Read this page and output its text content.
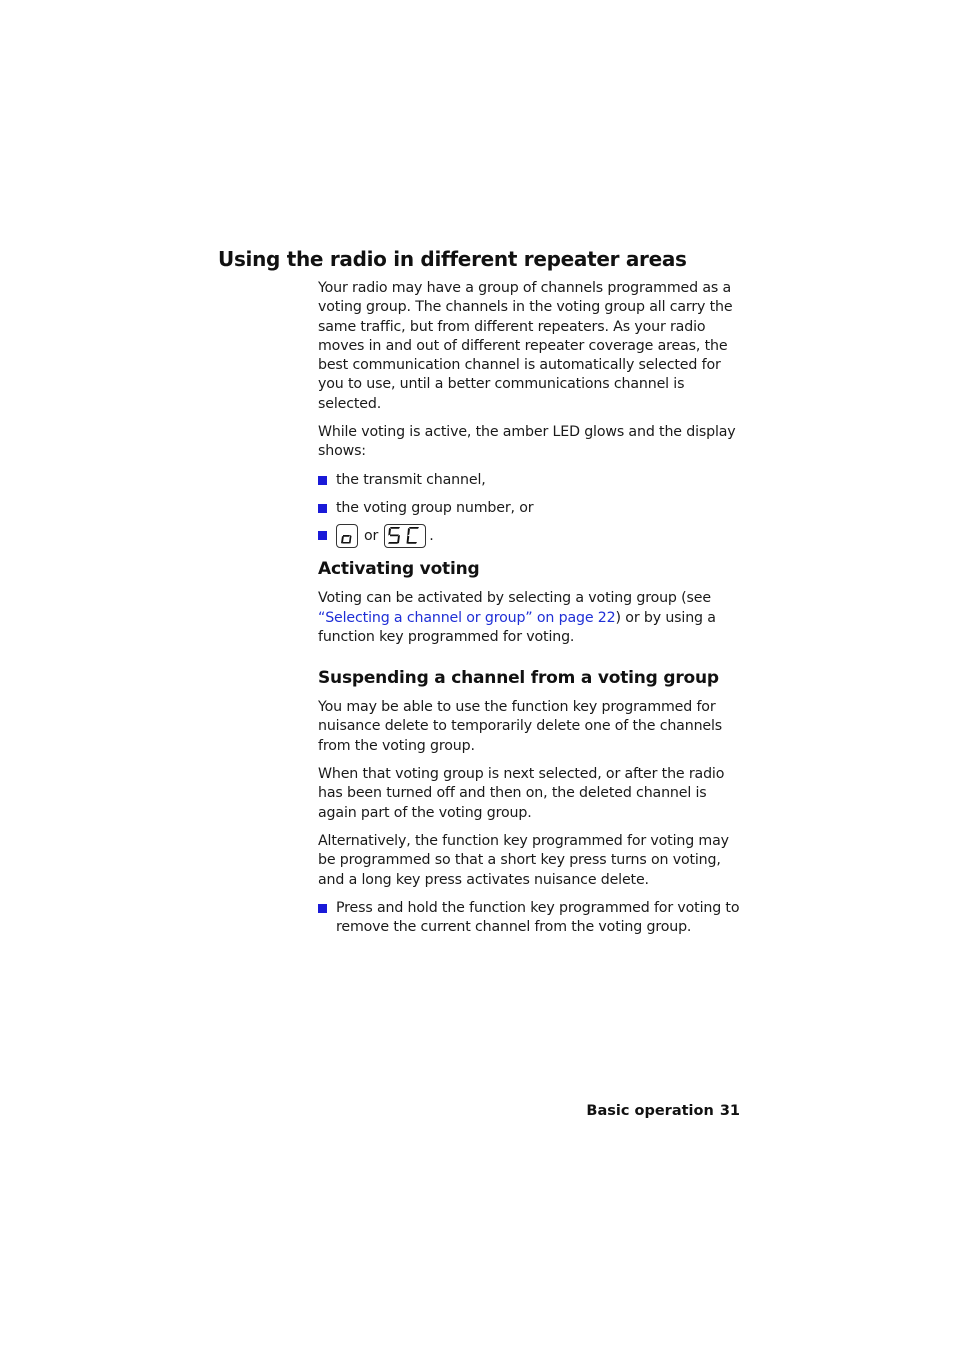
Using the radio in different repeater areas

Your radio may have a group of channels programmed as a voting group. The channels in the voting group all carry the same traffic, but from different repeaters. As your radio moves in and out of different repeater coverage areas, the best communication channel is automatically selected for you to use, until a better communications channel is selected.

While voting is active, the amber LED glows and the display shows:

the transmit channel,
the voting group number, or
or	.
Activating voting

Voting can be activated by selecting a voting group (see “Selecting a channel or group” on page 22) or by using a function key programmed for voting.

Suspending a channel from a voting group

You may be able to use the function key programmed for nuisance delete to temporarily delete one of the channels from the voting group.

When that voting group is next selected, or after the radio has been turned off and then on, the deleted channel is again part of the voting group.

Alternatively, the function key programmed for voting may be programmed so that a short key press turns on voting, and a long key press activates nuisance delete.

Press and hold the function key programmed for voting to remove the current channel from the voting group.
Basic operation 31
